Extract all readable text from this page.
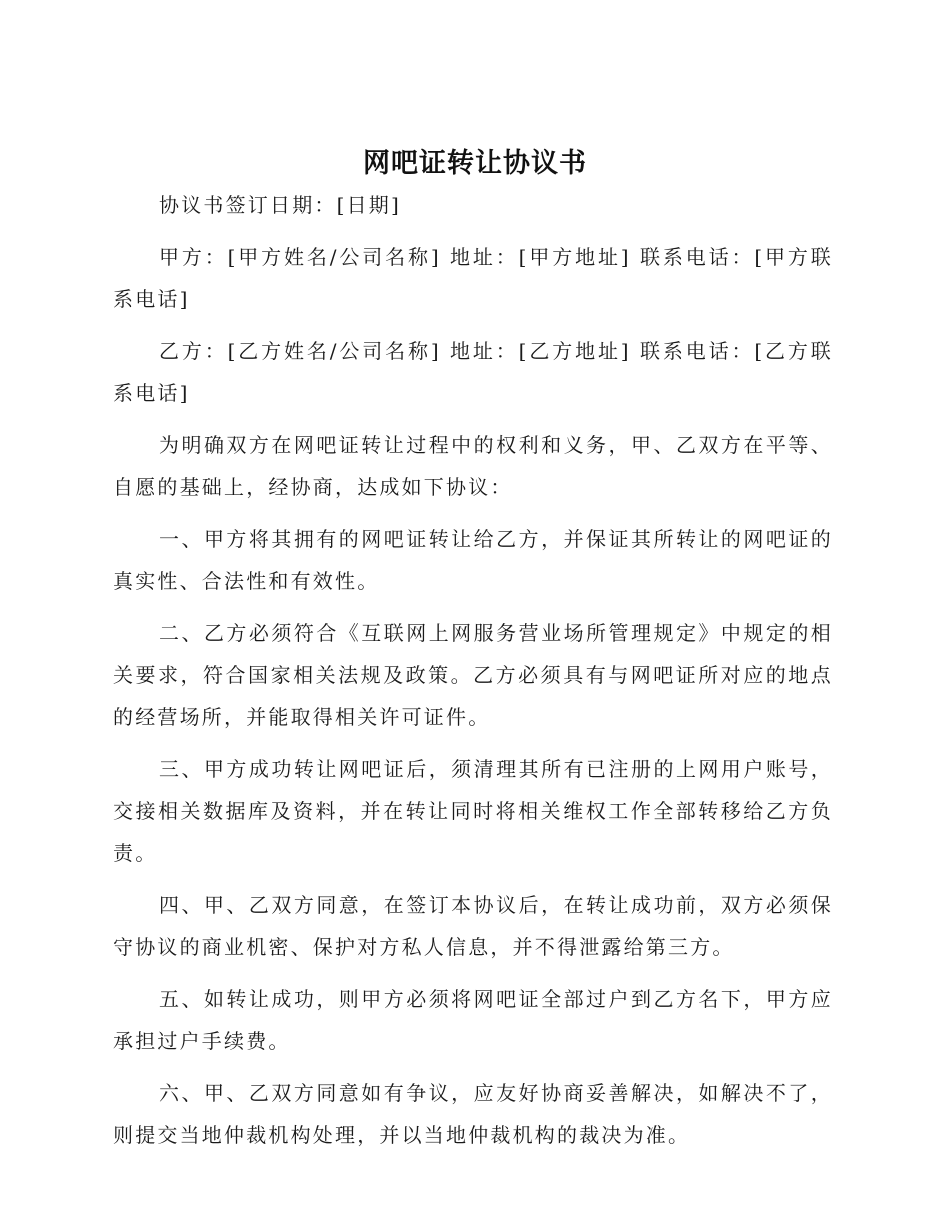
网吧证转让协议书

协议书签订日期：[日期]

甲方：[甲方姓名/公司名称] 地址：[甲方地址] 联系电话：[甲方联系电话]

乙方：[乙方姓名/公司名称] 地址：[乙方地址] 联系电话：[乙方联系电话]

为明确双方在网吧证转让过程中的权利和义务，甲、乙双方在平等、自愿的基础上，经协商，达成如下协议：

一、甲方将其拥有的网吧证转让给乙方，并保证其所转让的网吧证的真实性、合法性和有效性。

二、乙方必须符合《互联网上网服务营业场所管理规定》中规定的相关要求，符合国家相关法规及政策。乙方必须具有与网吧证所对应的地点的经营场所，并能取得相关许可证件。

三、甲方成功转让网吧证后，须清理其所有已注册的上网用户账号，交接相关数据库及资料，并在转让同时将相关维权工作全部转移给乙方负责。

四、甲、乙双方同意，在签订本协议后，在转让成功前，双方必须保守协议的商业机密、保护对方私人信息，并不得泄露给第三方。

五、如转让成功，则甲方必须将网吧证全部过户到乙方名下，甲方应承担过户手续费。

六、甲、乙双方同意如有争议，应友好协商妥善解决，如解决不了，则提交当地仲裁机构处理，并以当地仲裁机构的裁决为准。
